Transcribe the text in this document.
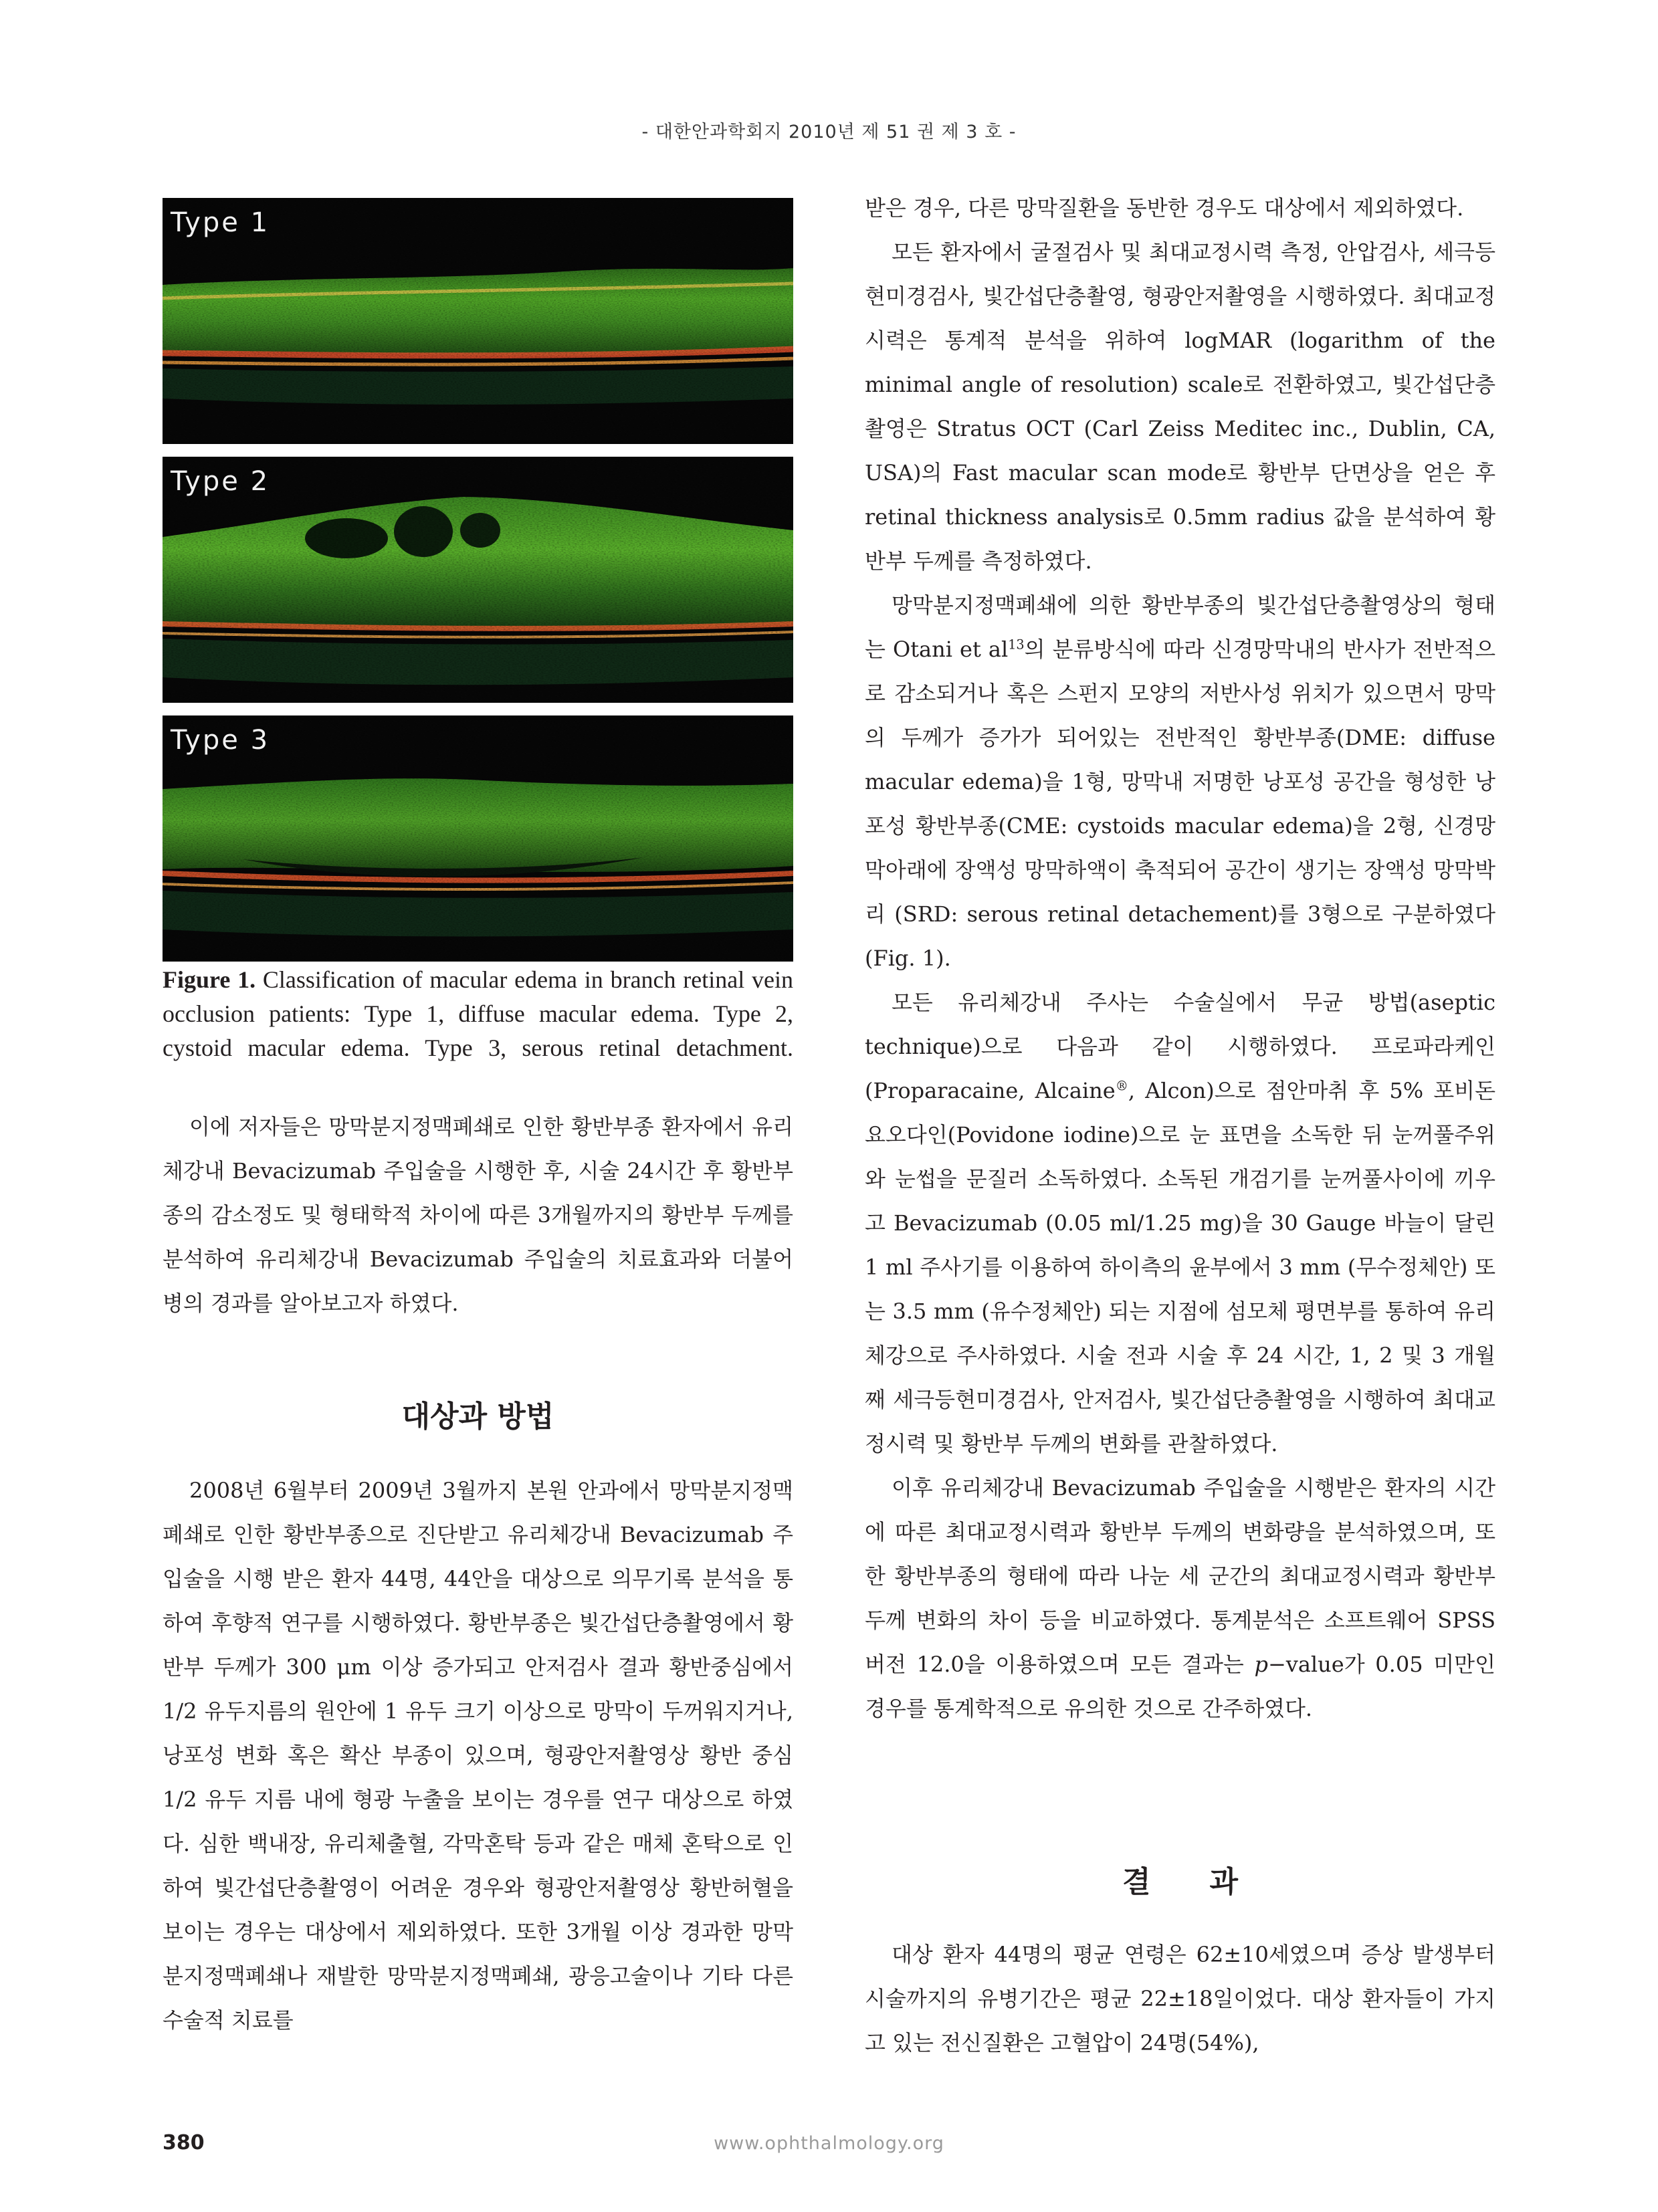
- 대한안과학회지 2010년 제 51 권 제 3 호 -
Type 1
Type 2
Type 3
Figure 1. Classification of macular edema in branch retinal vein occlusion patients: Type 1, diffuse macular edema. Type 2, cystoid macular edema. Type 3, serous retinal detachment.

이에 저자들은 망막분지정맥폐쇄로 인한 황반부종 환자에서 유리체강내 Bevacizumab 주입술을 시행한 후, 시술 24시간 후 황반부종의 감소정도 및 형태학적 차이에 따른 3개월까지의 황반부 두께를 분석하여 유리체강내 Bevacizumab 주입술의 치료효과와 더불어 병의 경과를 알아보고자 하였다.

대상과 방법

2008년 6월부터 2009년 3월까지 본원 안과에서 망막분지정맥폐쇄로 인한 황반부종으로 진단받고 유리체강내 Bevacizumab 주입술을 시행 받은 환자 44명, 44안을 대상으로 의무기록 분석을 통하여 후향적 연구를 시행하였다. 황반부종은 빛간섭단층촬영에서 황반부 두께가 300 μm 이상 증가되고 안저검사 결과 황반중심에서 1/2 유두지름의 원안에 1 유두 크기 이상으로 망막이 두꺼워지거나, 낭포성 변화 혹은 확산 부종이 있으며, 형광안저촬영상 황반 중심 1/2 유두 지름 내에 형광 누출을 보이는 경우를 연구 대상으로 하였다. 심한 백내장, 유리체출혈, 각막혼탁 등과 같은 매체 혼탁으로 인하여 빛간섭단층촬영이 어려운 경우와 형광안저촬영상 황반허혈을 보이는 경우는 대상에서 제외하였다. 또한 3개월 이상 경과한 망막분지정맥폐쇄나 재발한 망막분지정맥폐쇄, 광응고술이나 기타 다른 수술적 치료를

받은 경우, 다른 망막질환을 동반한 경우도 대상에서 제외하였다.

모든 환자에서 굴절검사 및 최대교정시력 측정, 안압검사, 세극등현미경검사, 빛간섭단층촬영, 형광안저촬영을 시행하였다. 최대교정시력은 통계적 분석을 위하여 logMAR (logarithm of the minimal angle of resolution) scale로 전환하였고, 빛간섭단층촬영은 Stratus OCT (Carl Zeiss Meditec inc., Dublin, CA, USA)의 Fast macular scan mode로 황반부 단면상을 얻은 후 retinal thickness analysis로 0.5mm radius 값을 분석하여 황반부 두께를 측정하였다.

망막분지정맥폐쇄에 의한 황반부종의 빛간섭단층촬영상의 형태는 Otani et $al^{13}$의 분류방식에 따라 신경망막내의 반사가 전반적으로 감소되거나 혹은 스펀지 모양의 저반사성 위치가 있으면서 망막의 두께가 증가가 되어있는 전반적인 황반부종(DME: diffuse macular edema)을 1형, 망막내 저명한 낭포성 공간을 형성한 낭포성 황반부종(CME: cystoids macular edema)을 2형, 신경망막아래에 장액성 망막하액이 축적되어 공간이 생기는 장액성 망막박리 (SRD: serous retinal detachement)를 3형으로 구분하였다(Fig. 1).

모든 유리체강내 주사는 수술실에서 무균 방법(aseptic technique)으로 다음과 같이 시행하였다. 프로파라케인 (Proparacaine, Alcaine®, Alcon)으로 점안마취 후 5% 포비돈 요오다인(Povidone iodine)으로 눈 표면을 소독한 뒤 눈꺼풀주위와 눈썹을 문질러 소독하였다. 소독된 개검기를 눈꺼풀사이에 끼우고 Bevacizumab (0.05 ml/1.25 mg)을 30 Gauge 바늘이 달린 1 ml 주사기를 이용하여 하이측의 윤부에서 3 mm (무수정체안) 또는 3.5 mm (유수정체안) 되는 지점에 섬모체 평면부를 통하여 유리체강으로 주사하였다. 시술 전과 시술 후 24 시간, 1, 2 및 3 개월 째 세극등현미경검사, 안저검사, 빛간섭단층촬영을 시행하여 최대교정시력 및 황반부 두께의 변화를 관찰하였다.

이후 유리체강내 Bevacizumab 주입술을 시행받은 환자의 시간에 따른 최대교정시력과 황반부 두께의 변화량을 분석하였으며, 또한 황반부종의 형태에 따라 나눈 세 군간의 최대교정시력과 황반부 두께 변화의 차이 등을 비교하였다. 통계분석은 소프트웨어 SPSS 버전 12.0을 이용하였으며 모든 결과는 p−value가 0.05 미만인 경우를 통계학적으로 유의한 것으로 간주하였다.

결　　과

대상 환자 44명의 평균 연령은 62±10세였으며 증상 발생부터 시술까지의 유병기간은 평균 22±18일이었다. 대상 환자들이 가지고 있는 전신질환은 고혈압이 24명(54%),

380	www.ophthalmology.org
